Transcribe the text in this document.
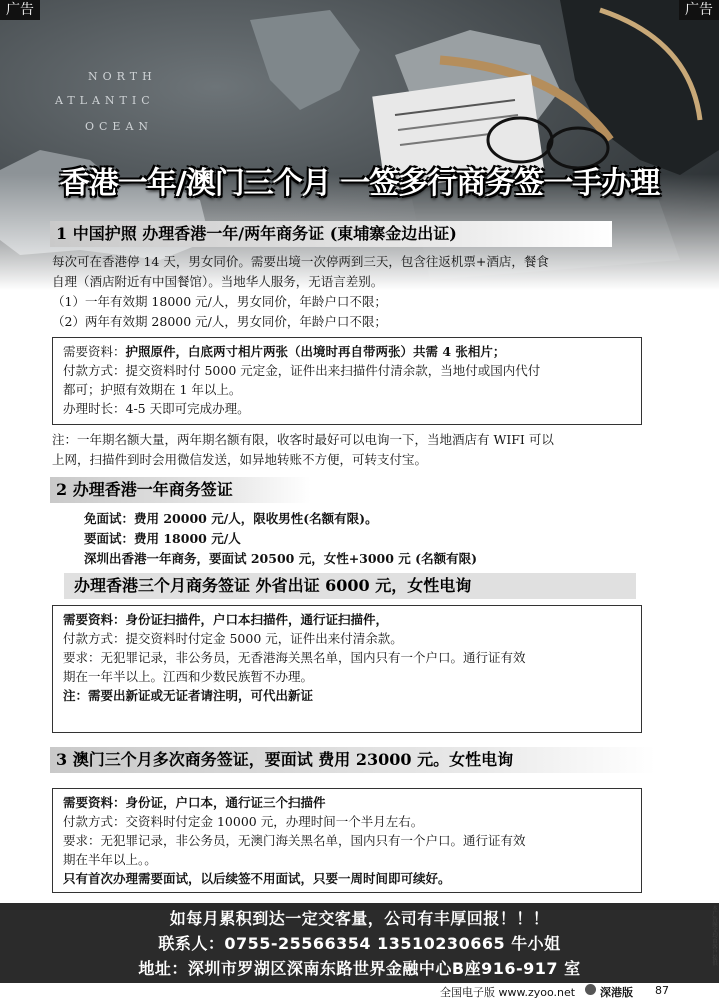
广告	广告
香港一年/澳门三个月 一签多行商务签一手办理
1 中国护照 办理香港一年/两年商务证 (東埔寨金边出证)
每次可在香港停 14 天，男女同价。需要出境一次停两到三天，包含往返机票+酒店，餐食
自理（酒店附近有中国餐馆）。当地华人服务，无语言差别。
（1）一年有效期 18000 元/人，男女同价，年龄户口不限；
（2）两年有效期 28000 元/人，男女同价，年龄户口不限；
需要资料：护照原件，白底两寸相片两张（出境时再自带两张）共需 4 张相片；
付款方式：提交资料时付 5000 元定金，证件出来扫描件付清余款，当地付或国内代付
都可；护照有效期在 1 年以上。
办理时长：4-5 天即可完成办理。
注：一年期名额大量，两年期名额有限，收客时最好可以电询一下，当地酒店有 WIFI 可以
上网，扫描件到时会用微信发送，如异地转账不方便，可转支付宝。
2 办理香港一年商务签证
免面试：费用 20000 元/人，限收男性(名额有限)。
要面试：费用 18000 元/人
深圳出香港一年商务，要面试 20500 元，女性+3000 元 (名额有限)
办理香港三个月商务签证 外省出证 6000 元，女性电询
需要资料：身份证扫描件，户口本扫描件，通行证扫描件，
付款方式：提交资料时付定金 5000 元，证件出来付清余款。
要求：无犯罪记录，非公务员，无香港海关黑名单，国内只有一个户口。通行证有效
期在一年半以上。江西和少数民族暂不办理。
注：需要出新证或无证者请注明，可代出新证
3 澳门三个月多次商务签证，要面试 费用 23000 元。女性电询
需要资料：身份证，户口本，通行证三个扫描件
付款方式：交资料时付定金 10000 元，办理时间一个半月左右。
要求：无犯罪记录，非公务员，无澳门海关黑名单，国内只有一个户口。通行证有效
期在半年以上。。
只有首次办理需要面试，以后续签不用面试，只要一周时间即可续好。
如每月累积到达一定交客量，公司有丰厚回报！！！
联系人：0755-25566354 13510230665 牛小姐
地址：深圳市罗湖区深南东路世界金融中心B座916-917 室
全国电子版 www.zyoo.net 深港版 87
本广告图文均由客户提供
